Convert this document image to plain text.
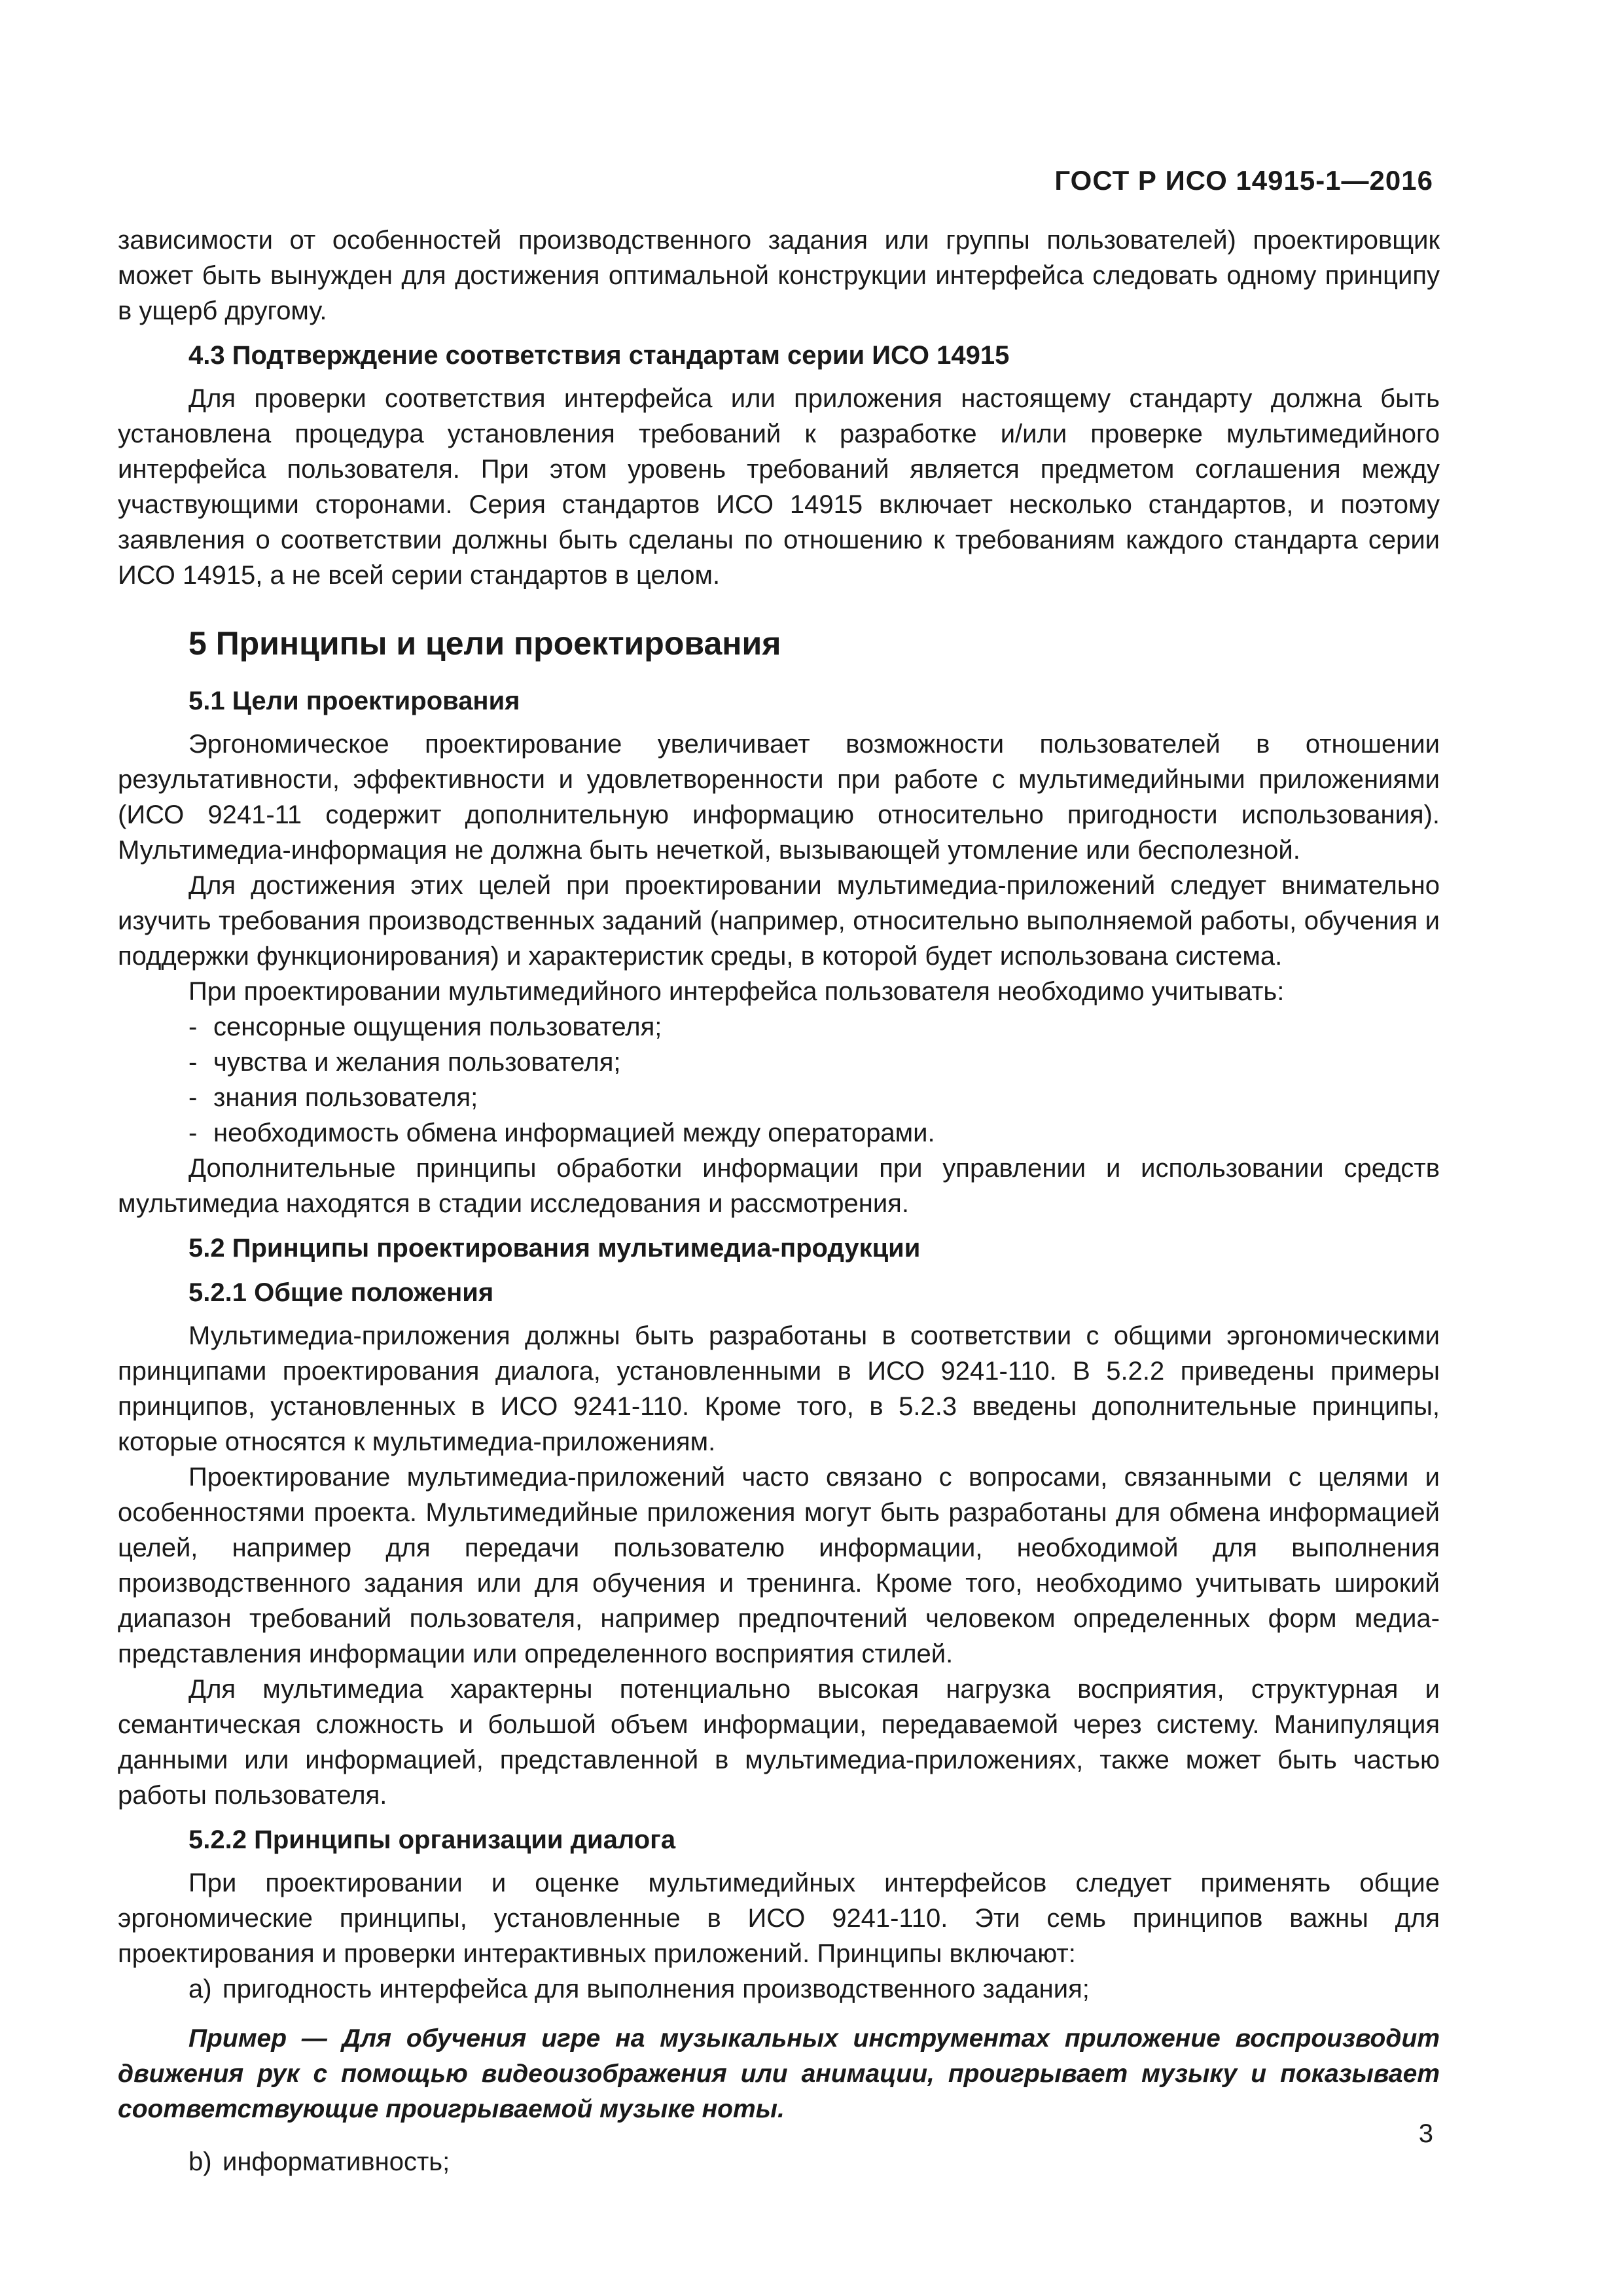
ГОСТ Р ИСО 14915-1—2016

зависимости от особенностей производственного задания или группы пользователей) проектировщик может быть вынужден для достижения оптимальной конструкции интерфейса следовать одному принципу в ущерб другому.

4.3 Подтверждение соответствия стандартам серии ИСО 14915

Для проверки соответствия интерфейса или приложения настоящему стандарту должна быть установлена процедура установления требований к разработке и/или проверке мультимедийного интерфейса пользователя. При этом уровень требований является предметом соглашения между участвующими сторонами. Серия стандартов ИСО 14915 включает несколько стандартов, и поэтому заявления о соответствии должны быть сделаны по отношению к требованиям каждого стандарта серии ИСО 14915, а не всей серии стандартов в целом.

5 Принципы и цели проектирования
5.1 Цели проектирования

Эргономическое проектирование увеличивает возможности пользователей в отношении результативности, эффективности и удовлетворенности при работе с мультимедийными приложениями (ИСО 9241-11 содержит дополнительную информацию относительно пригодности использования). Мультимедиа-информация не должна быть нечеткой, вызывающей утомление или бесполезной.

Для достижения этих целей при проектировании мультимедиа-приложений следует внимательно изучить требования производственных заданий (например, относительно выполняемой работы, обучения и поддержки функционирования) и характеристик среды, в которой будет использована система.

При проектировании мультимедийного интерфейса пользователя необходимо учитывать:

- сенсорные ощущения пользователя;
- чувства и желания пользователя;
- знания пользователя;
- необходимость обмена информацией между операторами.

Дополнительные принципы обработки информации при управлении и использовании средств мультимедиа находятся в стадии исследования и рассмотрения.

5.2 Принципы проектирования мультимедиа-продукции
5.2.1 Общие положения

Мультимедиа-приложения должны быть разработаны в соответствии с общими эргономическими принципами проектирования диалога, установленными в ИСО 9241-110. В 5.2.2 приведены примеры принципов, установленных в ИСО 9241-110. Кроме того, в 5.2.3 введены дополнительные принципы, которые относятся к мультимедиа-приложениям.

Проектирование мультимедиа-приложений часто связано с вопросами, связанными с целями и особенностями проекта. Мультимедийные приложения могут быть разработаны для обмена информацией целей, например для передачи пользователю информации, необходимой для выполнения производственного задания или для обучения и тренинга. Кроме того, необходимо учитывать широкий диапазон требований пользователя, например предпочтений человеком определенных форм медиа-представления информации или определенного восприятия стилей.

Для мультимедиа характерны потенциально высокая нагрузка восприятия, структурная и семантическая сложность и большой объем информации, передаваемой через систему. Манипуляция данными или информацией, представленной в мультимедиа-приложениях, также может быть частью работы пользователя.

5.2.2 Принципы организации диалога

При проектировании и оценке мультимедийных интерфейсов следует применять общие эргономические принципы, установленные в ИСО 9241-110. Эти семь принципов важны для проектирования и проверки интерактивных приложений. Принципы включают:

а) пригодность интерфейса для выполнения производственного задания;

Пример — Для обучения игре на музыкальных инструментах приложение воспроизводит движения рук с помощью видеоизображения или анимации, проигрывает музыку и показывает соответствующие проигрываемой музыке ноты.

b) информативность;
3
